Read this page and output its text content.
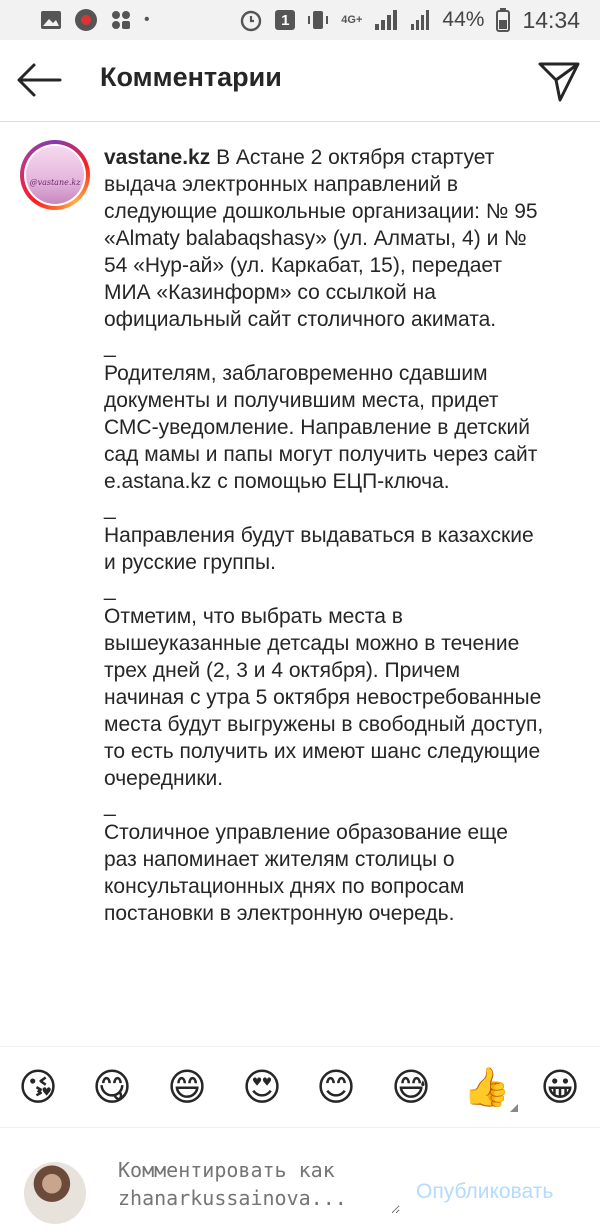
•	1	4G+	44% 14:34
Комментарии
@vastane.kz

vastane.kz В Астане 2 октября стартует выдача электронных направлений в следующие дошкольные организации: № 95 «Almaty balabaqshasy» (ул. Алматы, 4) и № 54 «Нур-ай» (ул. Каркабат, 15), передает МИА «Казинформ» со ссылкой на официальный сайт столичного акимата.

_

Родителям, заблаговременно сдавшим документы и получившим места, придет СМС-уведомление. Направление в детский сад мамы и папы могут получить через сайт e.astana.kz с помощью ЕЦП-ключа.

_

Направления будут выдаваться в казахские и русские группы.

_

Отметим, что выбрать места в вышеуказанные детсады можно в течение трех дней (2, 3 и 4 октября). Причем начиная с утра 5 октября невостребованные места будут выгружены в свободный доступ, то есть получить их имеют шанс следующие очередники.

_

Столичное управление образование еще раз напоминает жителям столицы о консультационных днях по вопросам постановки в электронную очередь.

😘 😋 😄 😍 😊 😅 👍 😀
Комментировать как zhanarkussainova...
Опубликовать
